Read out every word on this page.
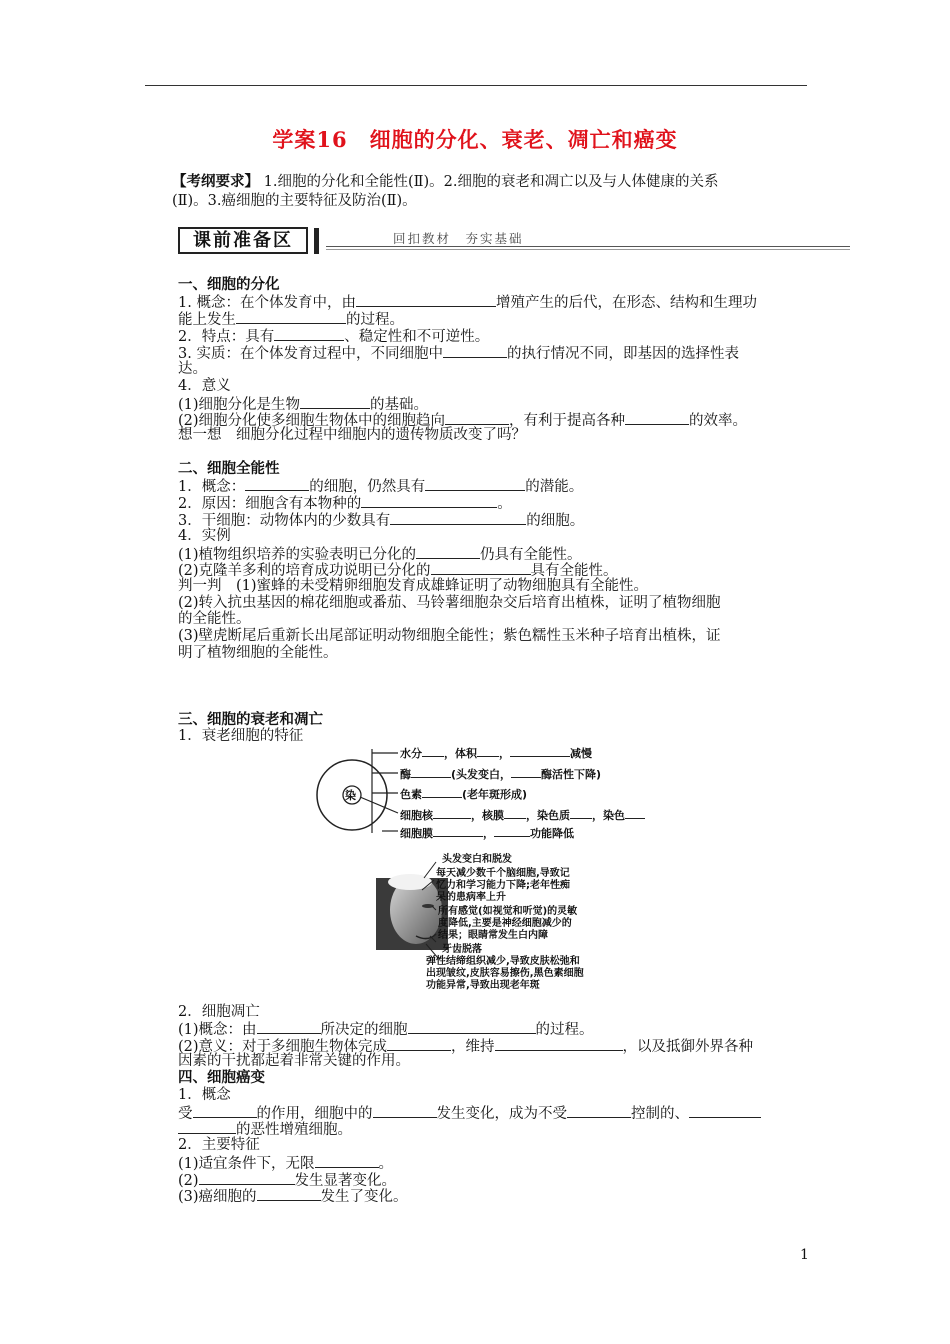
学案16　细胞的分化、衰老、凋亡和癌变
【考纲要求】 1.细胞的分化和全能性(Ⅱ)。2.细胞的衰老和凋亡以及与人体健康的关系
(Ⅱ)。3.癌细胞的主要特征及防治(Ⅱ)。
课前准备区	回扣教材　夯实基础
一、细胞的分化
1. 概念：在个体发育中，由	增殖产生的后代，在形态、结构和生理功
能上发生	的过程。
2．特点：具有	、稳定性和不可逆性。
3. 实质：在个体发育过程中，不同细胞中	的执行情况不同，即基因的选择性表
达。
4．意义
(1)细胞分化是生物	的基础。
(2)细胞分化使多细胞生物体中的细胞趋向	，有利于提高各种	的效率。
想一想　细胞分化过程中细胞内的遗传物质改变了吗？
二、细胞全能性
1．概念：	的细胞，仍然具有	的潜能。
2．原因：细胞含有本物种的	。
3．干细胞：动物体内的少数具有	的细胞。
4．实例
(1)植物组织培养的实验表明已分化的	仍具有全能性。
(2)克隆羊多利的培育成功说明已分化的	具有全能性。
判一判　(1)蜜蜂的未受精卵细胞发育成雄蜂证明了动物细胞具有全能性。
(2)转入抗虫基因的棉花细胞或番茄、马铃薯细胞杂交后培育出植株，证明了植物细胞
的全能性。
(3)壁虎断尾后重新长出尾部证明动物细胞全能性；紫色糯性玉米种子培育出植株，证
明了植物细胞的全能性。
三、细胞的衰老和凋亡
1．衰老细胞的特征
染
水分 ，体积 ，	减慢
酶	(头发变白，	酶活性下降)
色素	(老年斑形成)
细胞核	，核膜 ，染色质 ，染色
细胞膜	，	功能降低
头发变白和脱发
每天减少数千个脑细胞,导致记
忆力和学习能力下降;老年性痴
呆的患病率上升
所有感觉(如视觉和听觉)的灵敏
度降低,主要是神经细胞减少的
结果；眼睛常发生白内障
牙齿脱落
弹性结缔组织减少,导致皮肤松弛和
出现皱纹,皮肤容易擦伤,黑色素细胞
功能异常,导致出现老年斑
2．细胞凋亡
(1)概念：由	所决定的细胞	的过程。
(2)意义：对于多细胞生物体完成	，维持	，以及抵御外界各种
因素的干扰都起着非常关键的作用。
四、细胞癌变
1．概念
受	的作用，细胞中的	发生变化，成为不受	控制的、
的恶性增殖细胞。
2．主要特征
(1)适宜条件下，无限	。
(2)	发生显著变化。
(3)癌细胞的	发生了变化。
1
